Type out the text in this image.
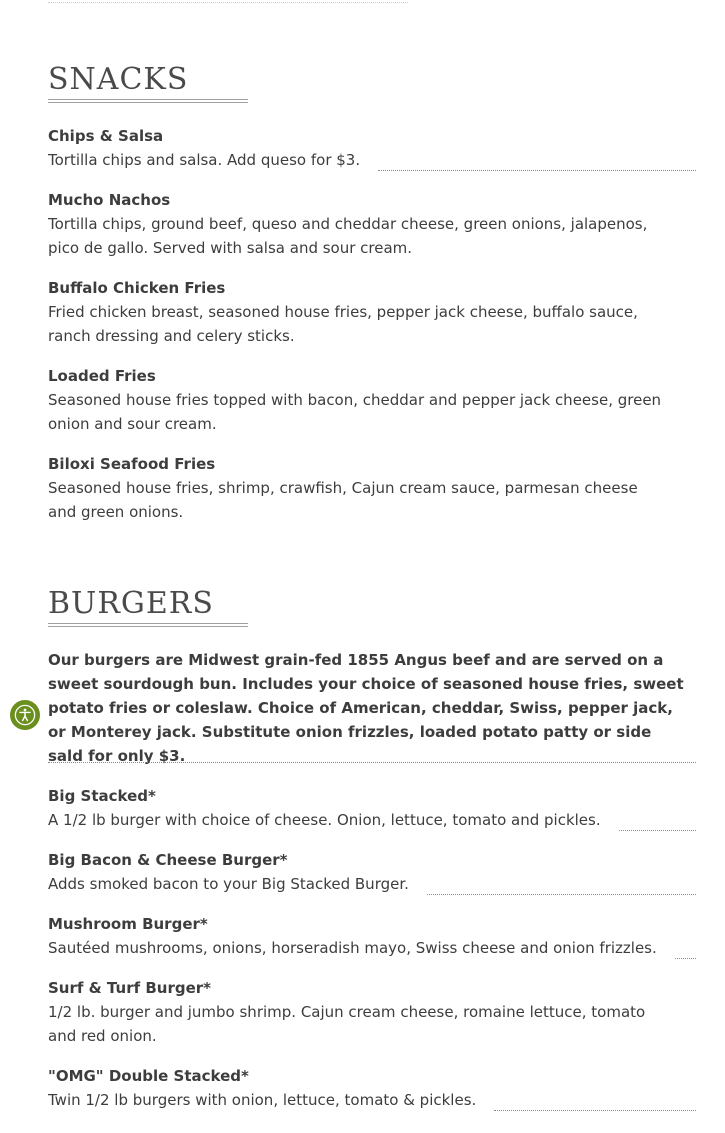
SNACKS
Chips & Salsa
Tortilla chips and salsa. Add queso for $3.
Mucho Nachos
Tortilla chips, ground beef, queso and cheddar cheese, green onions, jalapenos, pico de gallo. Served with salsa and sour cream.
Buffalo Chicken Fries
Fried chicken breast, seasoned house fries, pepper jack cheese, buffalo sauce, ranch dressing and celery sticks.
Loaded Fries
Seasoned house fries topped with bacon, cheddar and pepper jack cheese, green onion and sour cream.
Biloxi Seafood Fries
Seasoned house fries, shrimp, crawfish, Cajun cream sauce, parmesan cheese and green onions.
BURGERS
Our burgers are Midwest grain-fed 1855 Angus beef and are served on a sweet sourdough bun. Includes your choice of seasoned house fries, sweet potato fries or coleslaw. Choice of American, cheddar, Swiss, pepper jack, or Monterey jack. Substitute onion frizzles, loaded potato patty or side sald for only $3.
Big Stacked*
A 1/2 lb burger with choice of cheese. Onion, lettuce, tomato and pickles.
Big Bacon & Cheese Burger*
Adds smoked bacon to your Big Stacked Burger.
Mushroom Burger*
Sautéed mushrooms, onions, horseradish mayo, Swiss cheese and onion frizzles.
Surf & Turf Burger*
1/2 lb. burger and jumbo shrimp. Cajun cream cheese, romaine lettuce, tomato and red onion.
"OMG" Double Stacked*
Twin 1/2 lb burgers with onion, lettuce, tomato & pickles.
